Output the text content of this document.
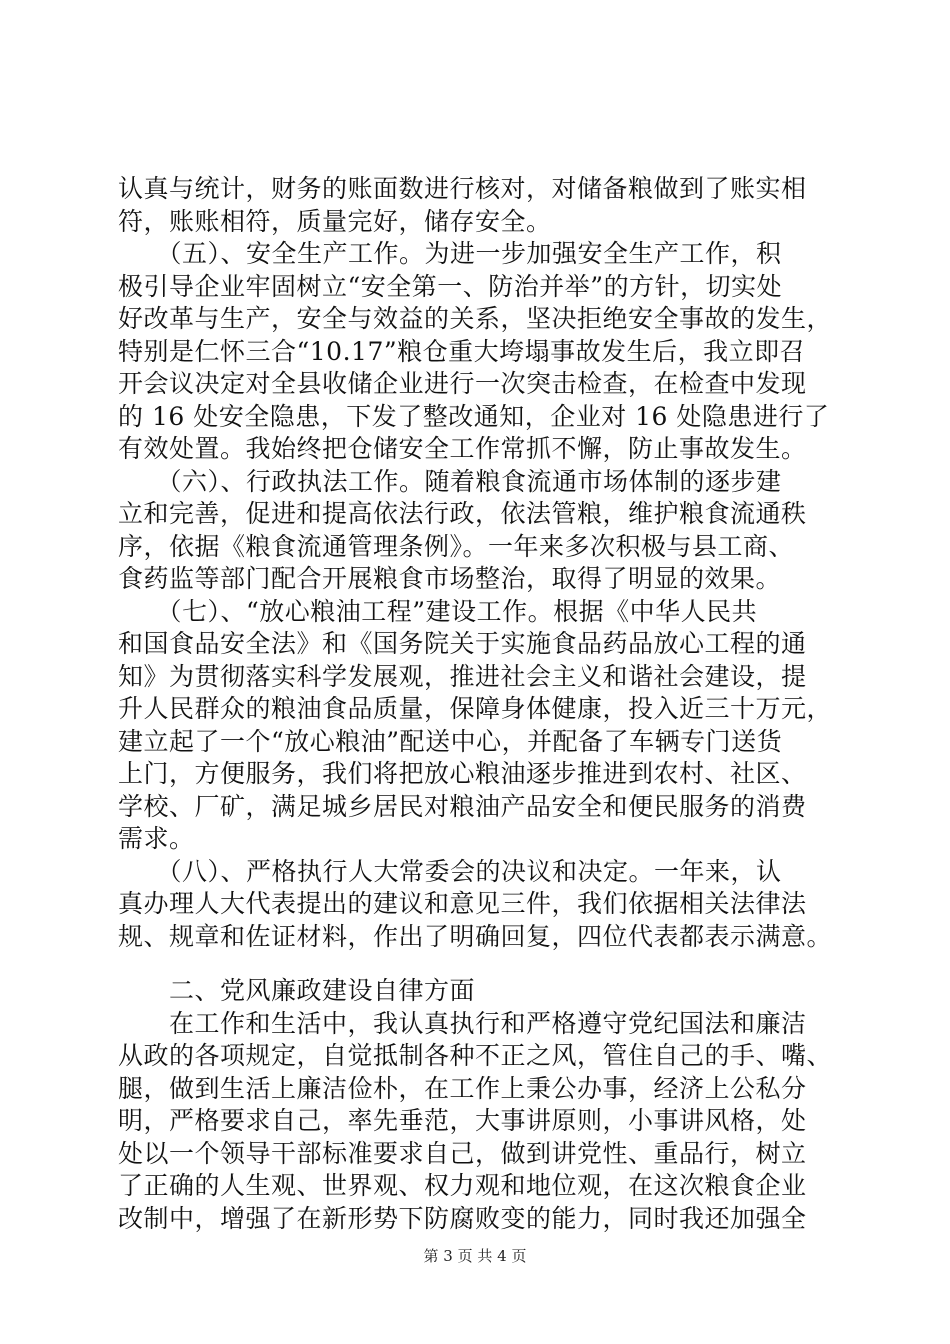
认真与统计，财务的账面数进行核对，对储备粮做到了账实相
符，账账相符，质量完好，储存安全。
　　（五）、安全生产工作。为进一步加强安全生产工作，积
极引导企业牢固树立“安全第一、防治并举”的方针，切实处
好改革与生产，安全与效益的关系，坚决拒绝安全事故的发生，
特别是仁怀三合“10.17”粮仓重大垮塌事故发生后，我立即召
开会议决定对全县收储企业进行一次突击检查，在检查中发现
的 16 处安全隐患，下发了整改通知，企业对 16 处隐患进行了
有效处置。我始终把仓储安全工作常抓不懈，防止事故发生。
　　（六）、行政执法工作。随着粮食流通市场体制的逐步建
立和完善，促进和提高依法行政，依法管粮，维护粮食流通秩
序，依据《粮食流通管理条例》。一年来多次积极与县工商、
食药监等部门配合开展粮食市场整治，取得了明显的效果。
　　（七）、“放心粮油工程”建设工作。根据《中华人民共
和国食品安全法》和《国务院关于实施食品药品放心工程的通
知》为贯彻落实科学发展观，推进社会主义和谐社会建设，提
升人民群众的粮油食品质量，保障身体健康，投入近三十万元，
建立起了一个“放心粮油”配送中心，并配备了车辆专门送货
上门，方便服务，我们将把放心粮油逐步推进到农村、社区、
学校、厂矿，满足城乡居民对粮油产品安全和便民服务的消费
需求。
　　（八）、严格执行人大常委会的决议和决定。一年来，认
真办理人大代表提出的建议和意见三件，我们依据相关法律法
规、规章和佐证材料，作出了明确回复，四位代表都表示满意。
　　二、党风廉政建设自律方面
　　在工作和生活中，我认真执行和严格遵守党纪国法和廉洁
从政的各项规定，自觉抵制各种不正之风，管住自己的手、嘴、
腿，做到生活上廉洁俭朴，在工作上秉公办事，经济上公私分
明，严格要求自己，率先垂范，大事讲原则，小事讲风格，处
处以一个领导干部标准要求自己，做到讲党性、重品行，树立
了正确的人生观、世界观、权力观和地位观，在这次粮食企业
改制中，增强了在新形势下防腐败变的能力，同时我还加强全
第 3 页 共 4 页
